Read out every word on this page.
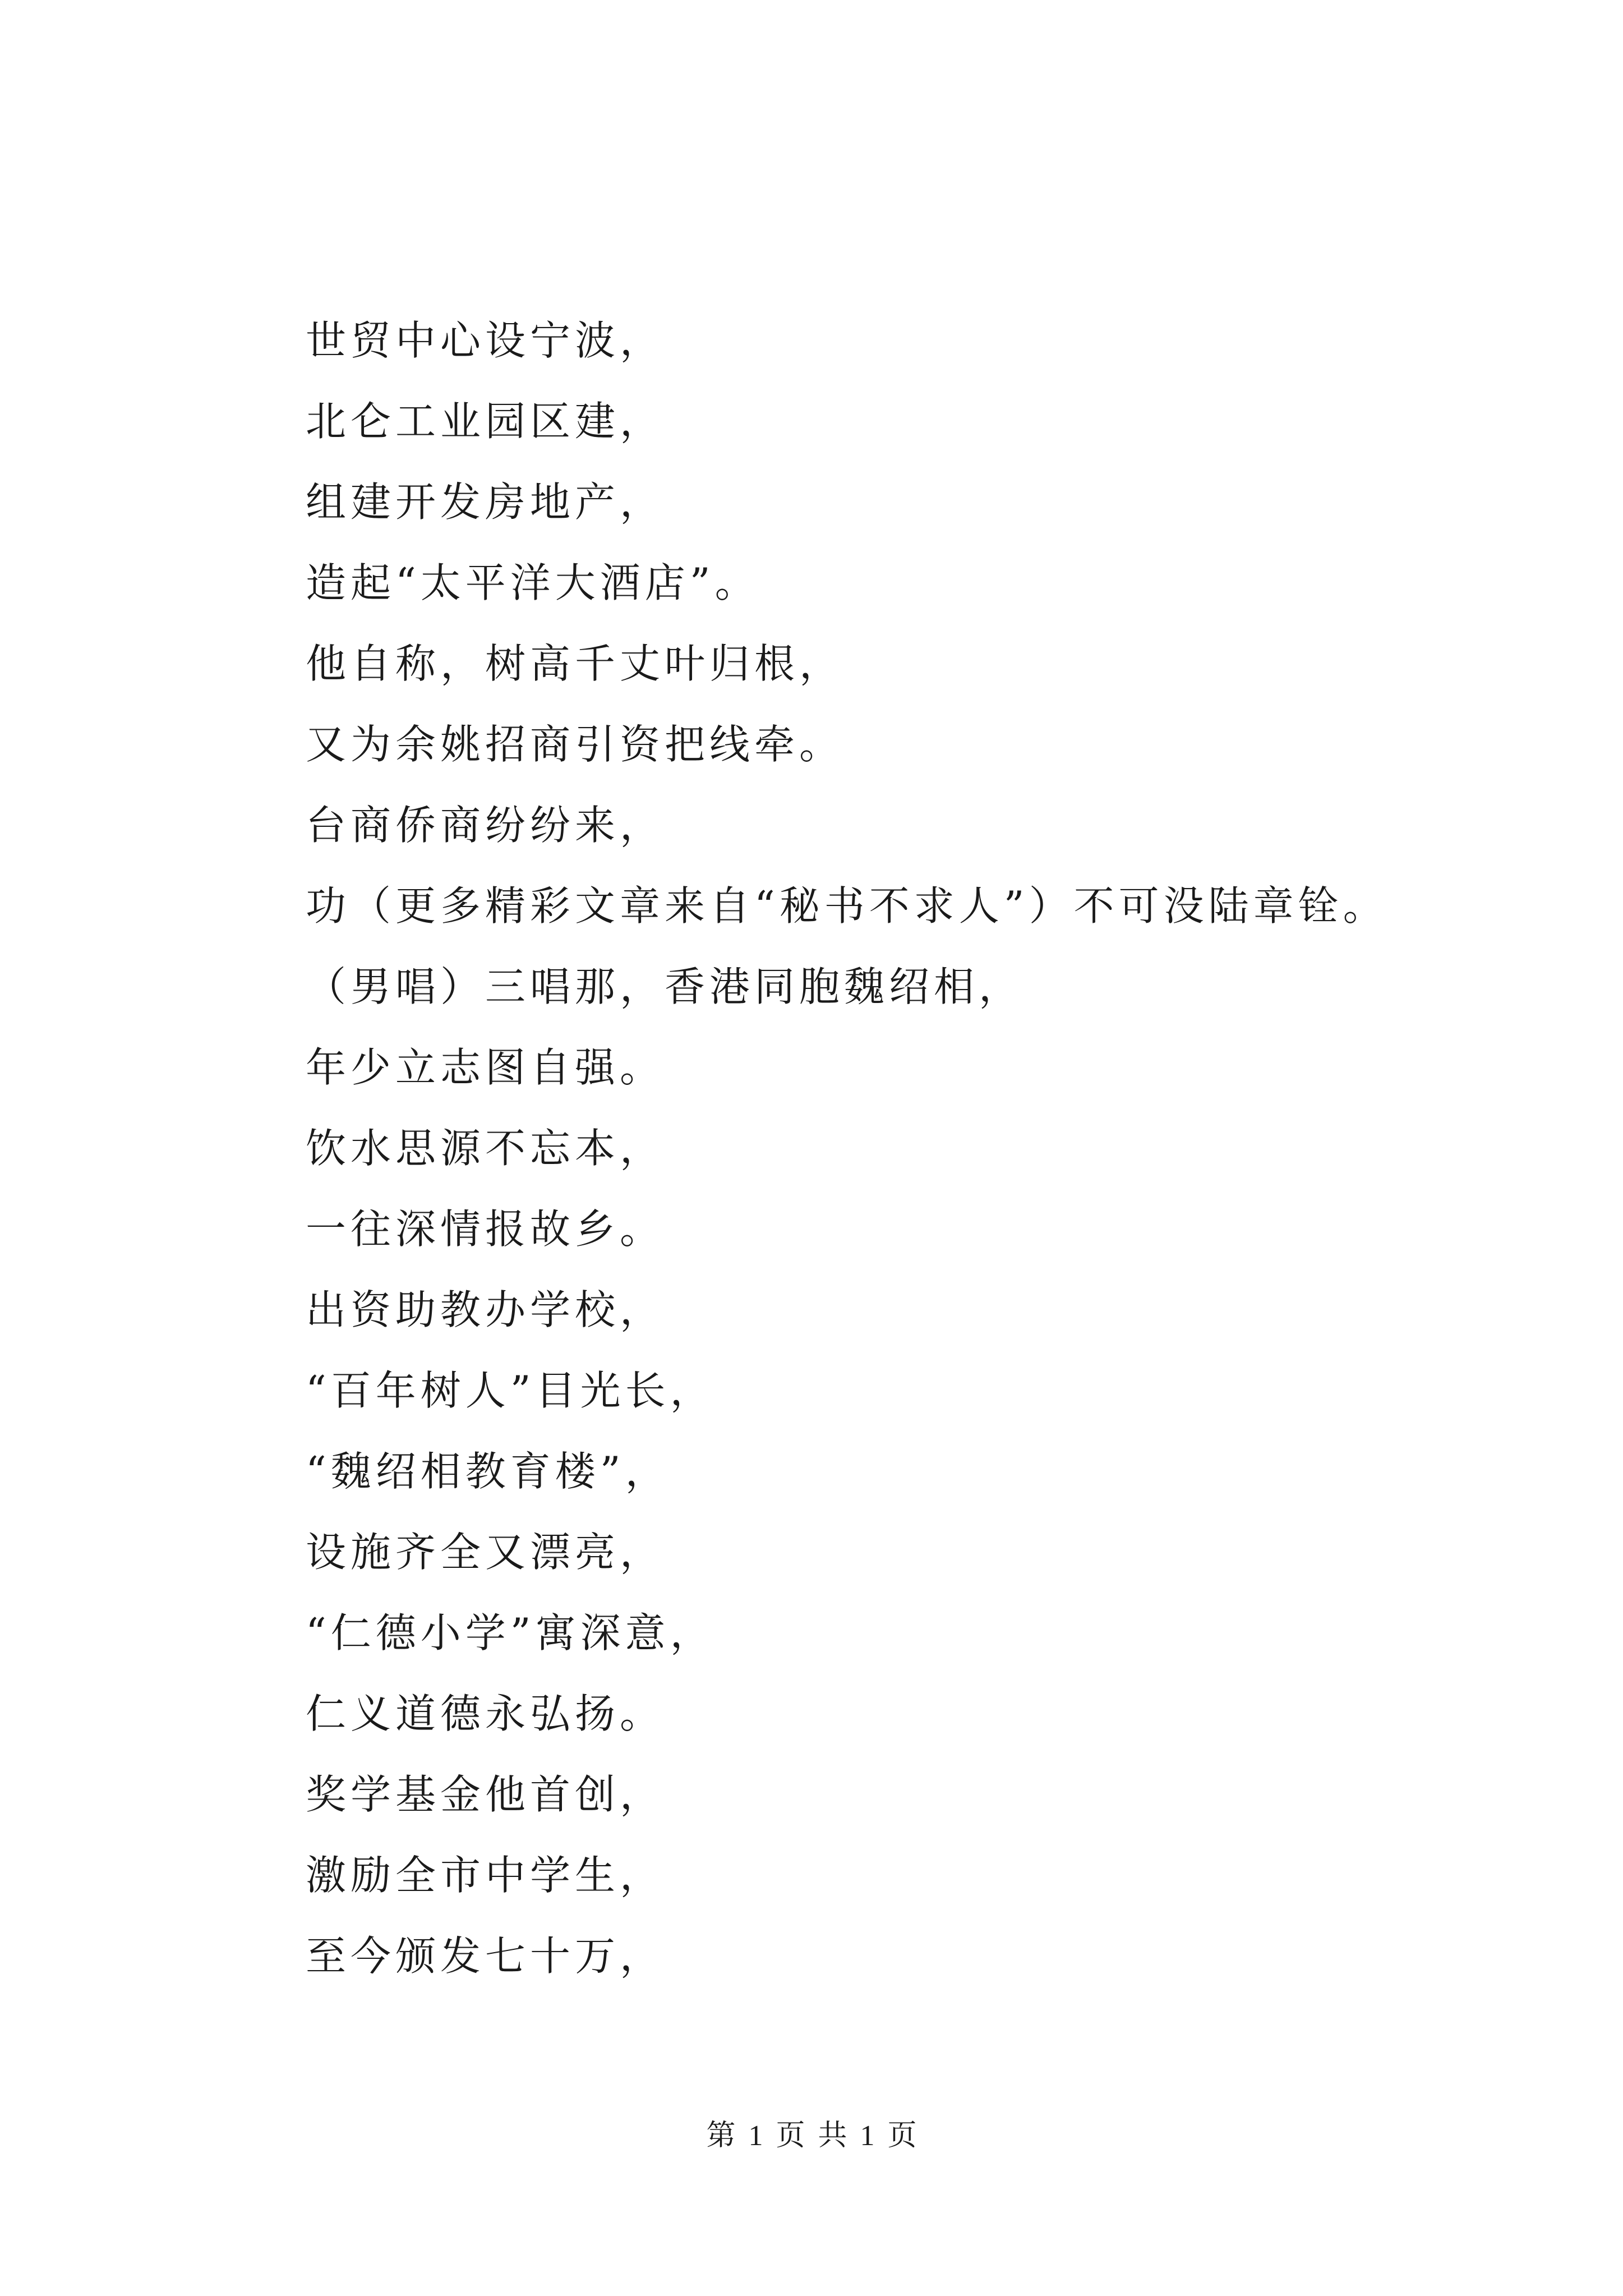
世贸中心设宁波，
北仑工业园区建，
组建开发房地产，
造起“太平洋大酒店”。
他自称，树高千丈叶归根，
又为余姚招商引资把线牵。
台商侨商纷纷来，
功（更多精彩文章来自“秘书不求人”）不可没陆章铨。
（男唱）三唱那，香港同胞魏绍相，
年少立志图自强。
饮水思源不忘本，
一往深情报故乡。
出资助教办学校，
“百年树人”目光长，
“魏绍相教育楼”，
设施齐全又漂亮，
“仁德小学”寓深意，
仁义道德永弘扬。
奖学基金他首创，
激励全市中学生，
至今颁发七十万，
第 1 页 共 1 页
